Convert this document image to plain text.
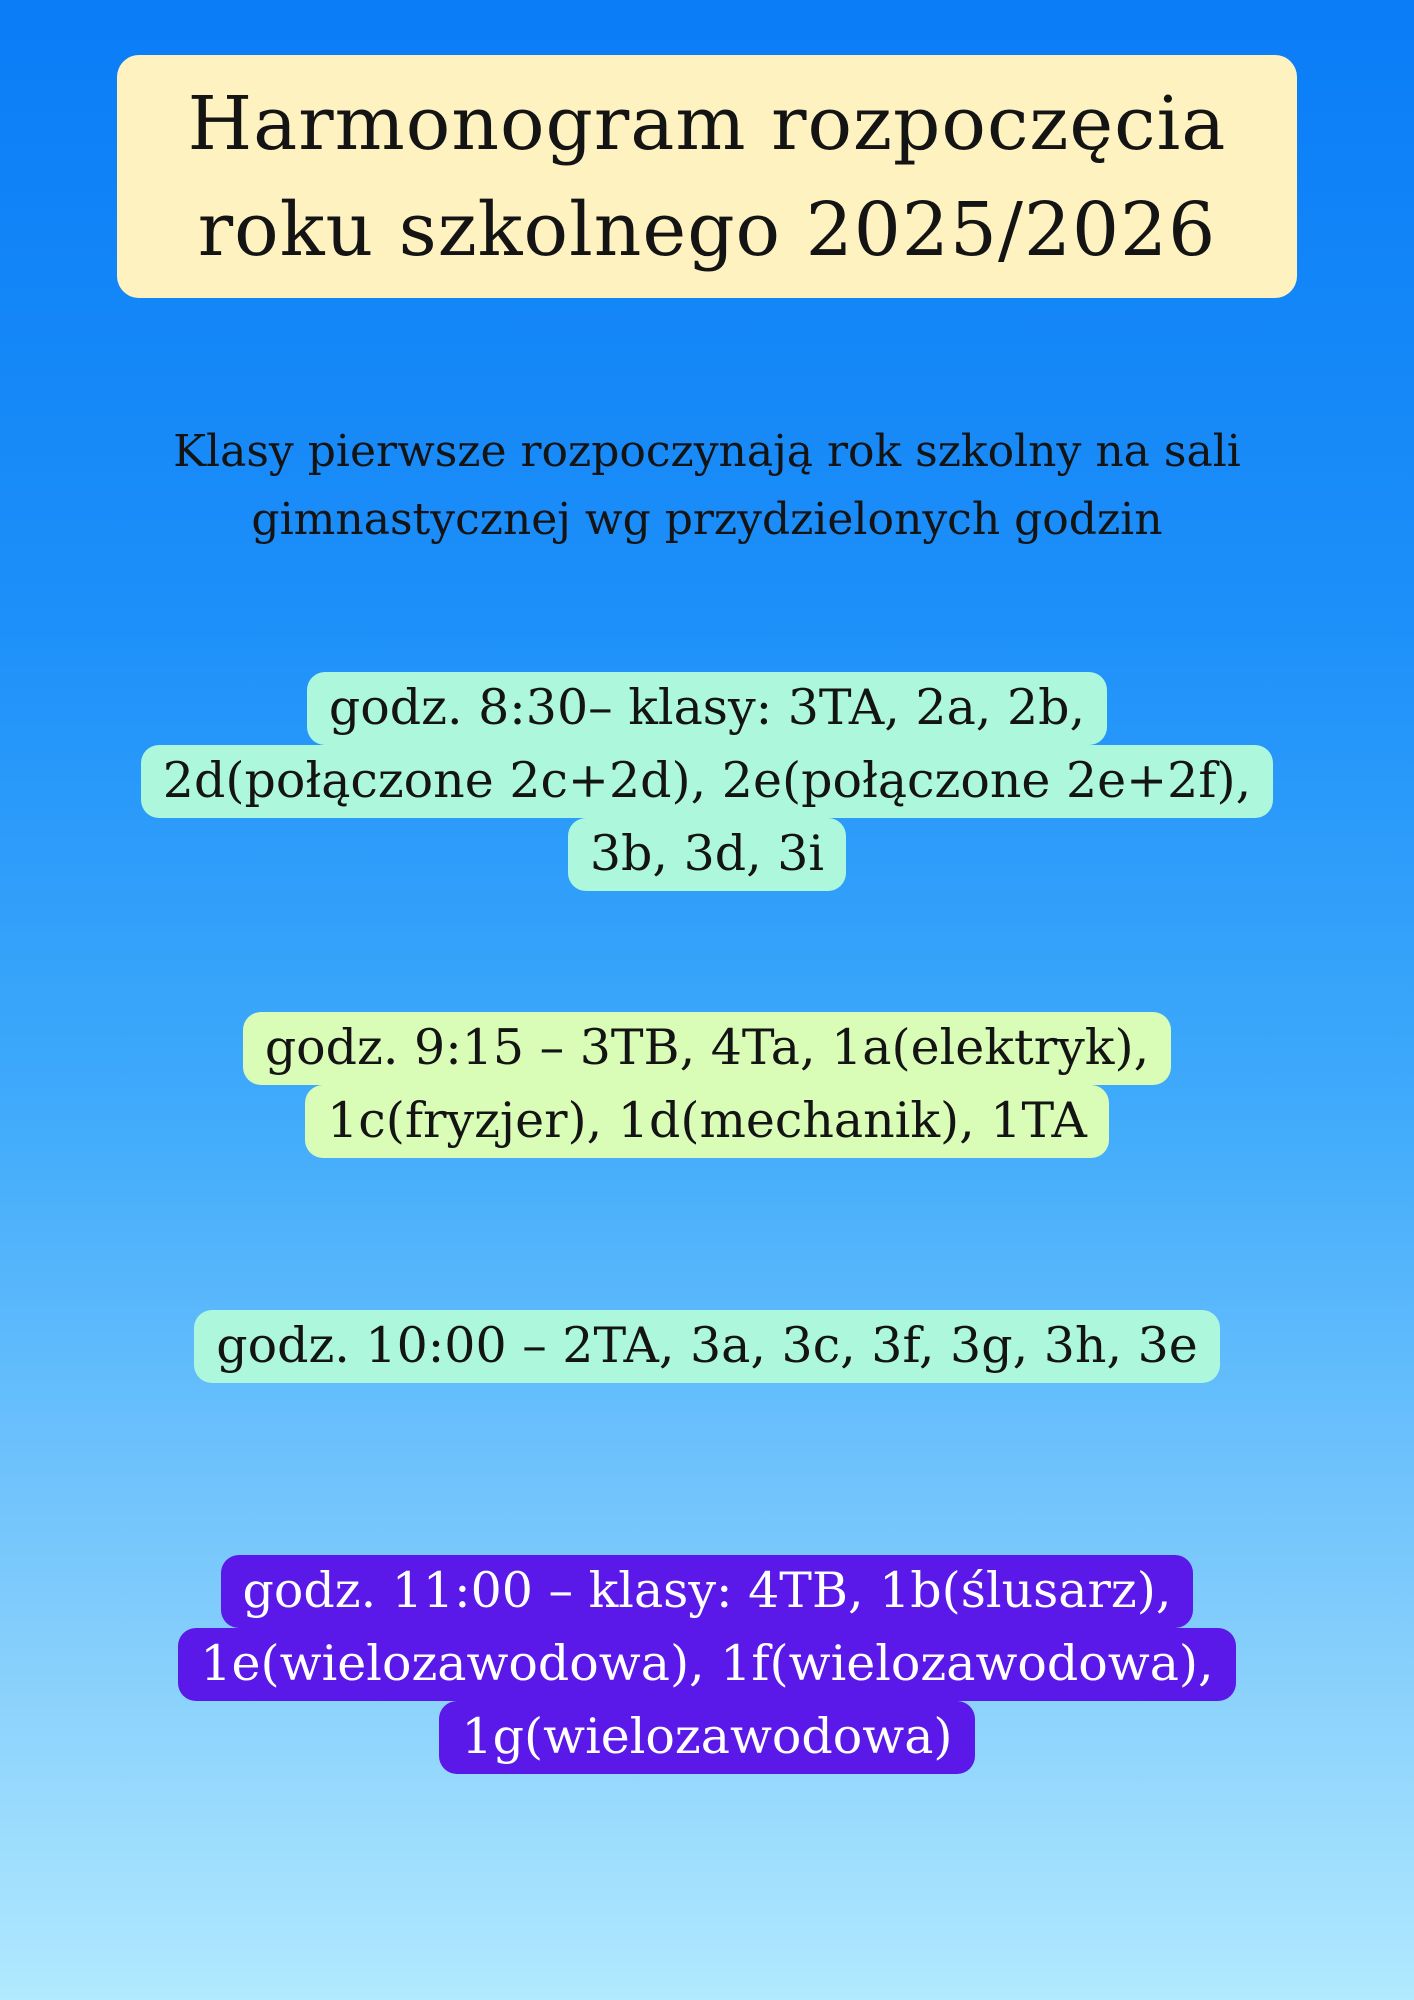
Harmonogram rozpoczęcia
roku szkolnego 2025/2026
Klasy pierwsze rozpoczynają rok szkolny na sali
gimnastycznej wg przydzielonych godzin
godz. 8:30– klasy: 3TA, 2a, 2b,
2d(połączone 2c+2d), 2e(połączone 2e+2f),
3b, 3d, 3i
godz. 9:15 – 3TB, 4Ta, 1a(elektryk),
1c(fryzjer), 1d(mechanik), 1TA
godz. 10:00 – 2TA, 3a, 3c, 3f, 3g, 3h, 3e
godz. 11:00 – klasy: 4TB, 1b(ślusarz),
1e(wielozawodowa), 1f(wielozawodowa),
1g(wielozawodowa)
